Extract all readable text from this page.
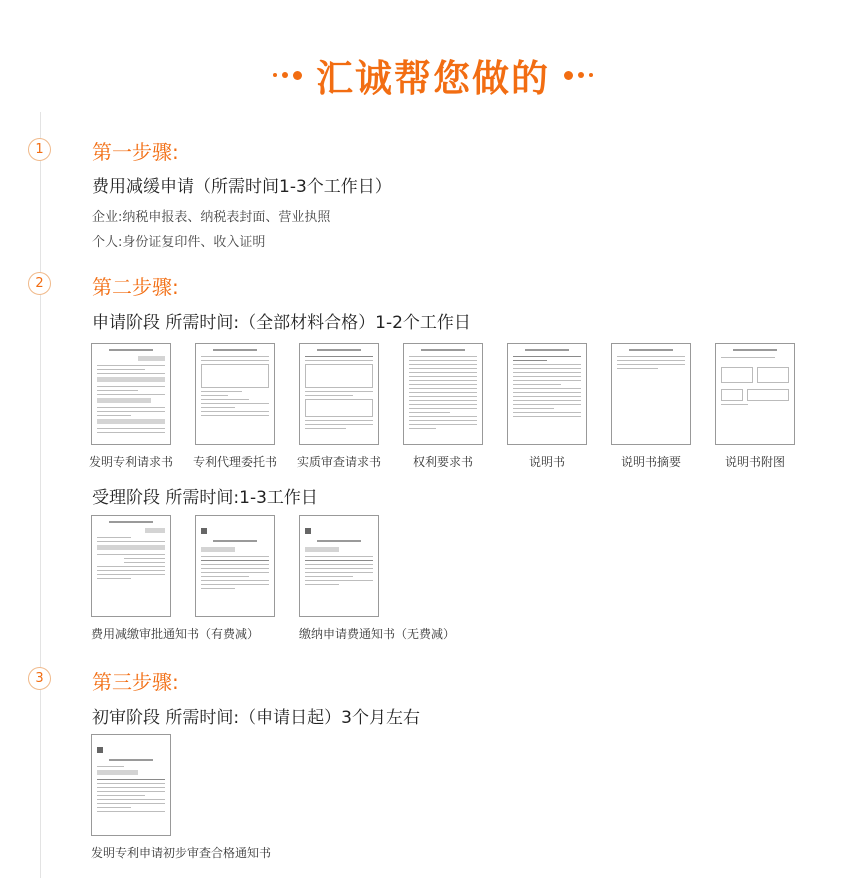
汇诚帮您做的
1	第一步骤:
费用减缓申请（所需时间1-3个工作日）
企业:纳税申报表、纳税表封面、营业执照
个人:身份证复印件、收入证明
2	第二步骤:
申请阶段 所需时间:（全部材料合格）1-2个工作日
发明专利请求书 专利代理委托书 实质审查请求书	权利要求书	说明书	说明书摘要	说明书附图
受理阶段 所需时间:1-3工作日
费用减缴审批通知书（有费减）	缴纳申请费通知书（无费减）
3	第三步骤:
初审阶段 所需时间:（申请日起）3个月左右
发明专利申请初步审查合格通知书
